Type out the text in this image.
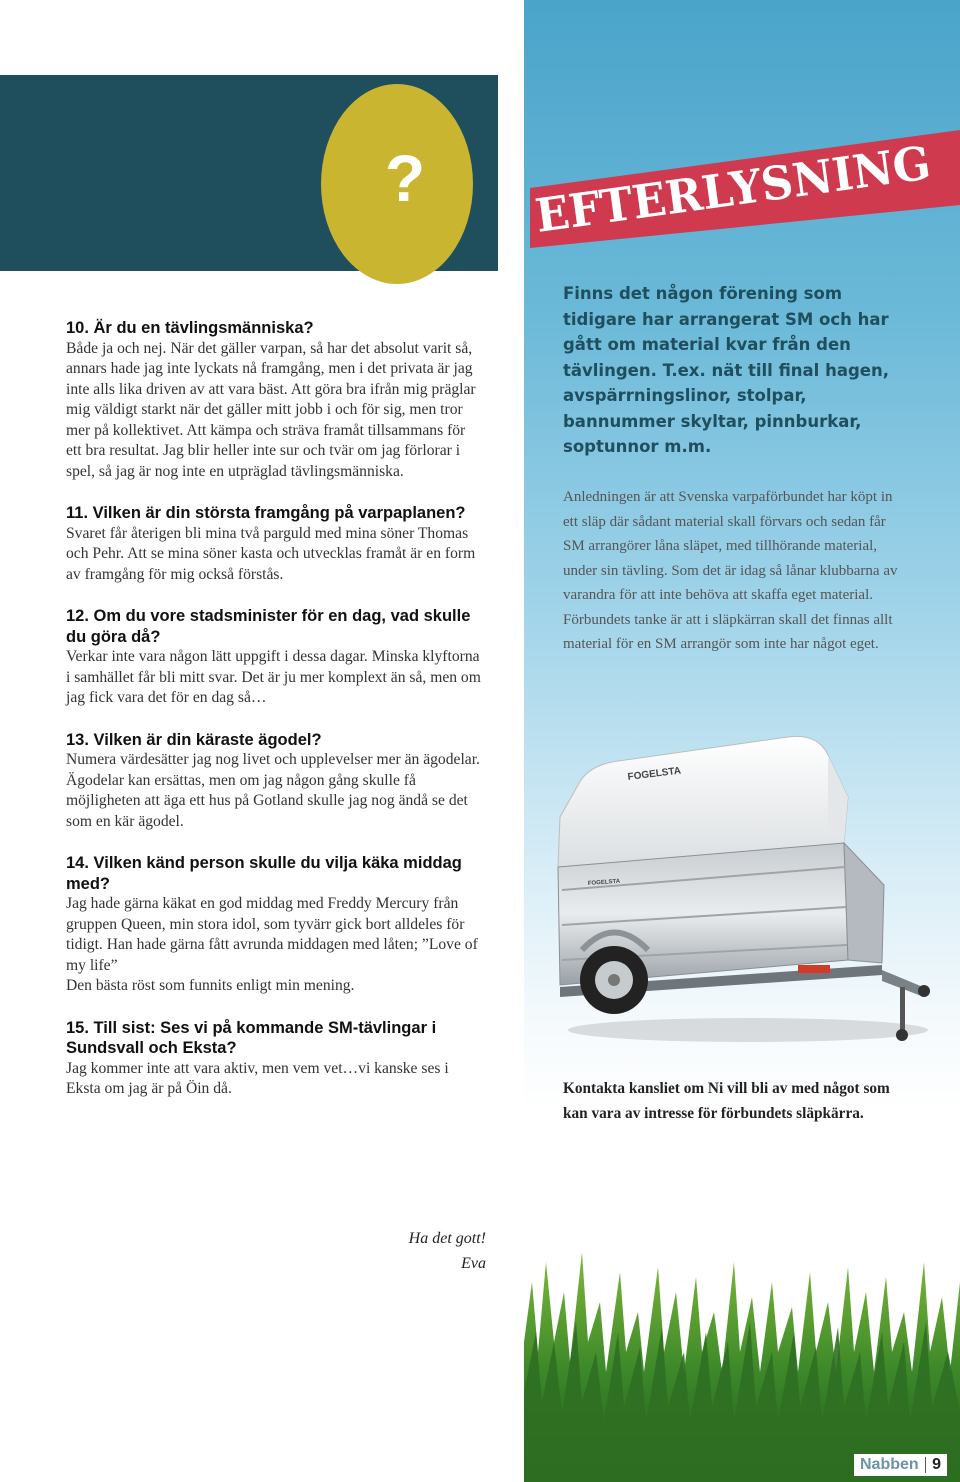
?
10. Är du en tävlingsmänniska?
Både ja och nej. När det gäller varpan, så har det absolut varit så, annars hade jag inte lyckats nå framgång, men i det privata är jag inte alls lika driven av att vara bäst. Att göra bra ifrån mig präglar mig väldigt starkt när det gäller mitt jobb i och för sig, men tror mer på kollektivet. Att kämpa och sträva framåt tillsammans för ett bra resultat. Jag blir heller inte sur och tvär om jag förlorar i spel, så jag är nog inte en utpräglad tävlingsmänniska.
11. Vilken är din största framgång på varpaplanen?
Svaret får återigen bli mina två parguld med mina söner Thomas och Pehr. Att se mina söner kasta och utvecklas framåt är en form av framgång för mig också förstås.
12. Om du vore stadsminister för en dag, vad skulle du göra då?
Verkar inte vara någon lätt uppgift i dessa dagar. Minska klyftorna i samhället får bli mitt svar. Det är ju mer komplext än så, men om jag fick vara det för en dag så…
13. Vilken är din käraste ägodel?
Numera värdesätter jag nog livet och upplevelser mer än ägodelar. Ägodelar kan ersättas, men om jag någon gång skulle få möjligheten att äga ett hus på Gotland skulle jag nog ändå se det som en kär ägodel.
14. Vilken känd person skulle du vilja käka middag med?
Jag hade gärna käkat en god middag med Freddy Mercury från gruppen Queen, min stora idol, som tyvärr gick bort alldeles för tidigt. Han hade gärna fått avrunda middagen med låten; ”Love of my life”
Den bästa röst som funnits enligt min mening.
15. Till sist: Ses vi på kommande SM-tävlingar i Sundsvall och Eksta?
Jag kommer inte att vara aktiv, men vem vet…vi kanske ses i Eksta om jag är på Öin då.
Ha det gott!
Eva
EFTERLYSNING
Finns det någon förening som tidigare har arrangerat SM och har gått om material kvar från den tävlingen. T.ex. nät till final hagen, avspärrningslinor, stolpar, bannummer skyltar, pinnburkar, soptunnor m.m.
Anledningen är att Svenska varpaförbundet har köpt in ett släp där sådant material skall förvars och sedan får SM arrangörer låna släpet, med tillhörande material, under sin tävling. Som det är idag så lånar klubbarna av varandra för att inte behöva att skaffa eget material. Förbundets tanke är att i släpkärran skall det finnas allt material för en SM arrangör som inte har något eget.
FOGELSTA
FOGELSTA
Kontakta kansliet om Ni vill bli av med något som kan vara av intresse för förbundets släpkärra.
Nabben 9
